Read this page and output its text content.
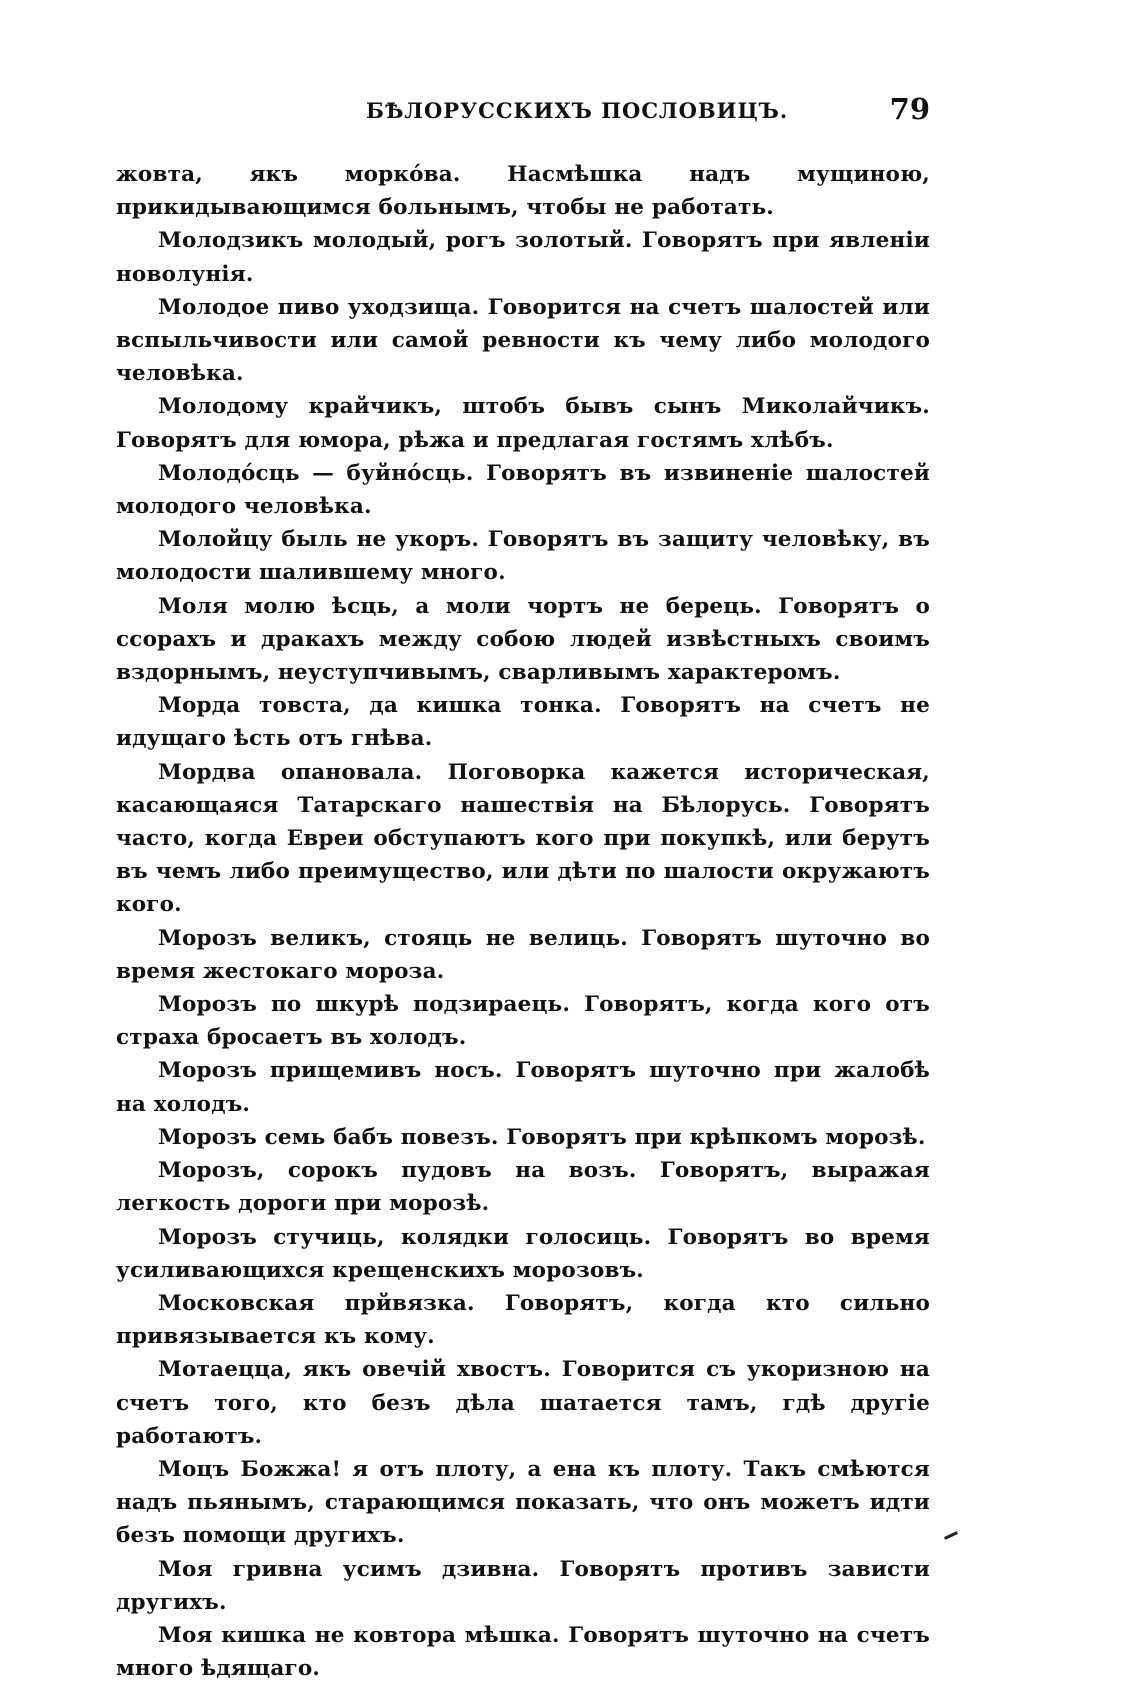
БѢЛОРУССКИХЪ ПОСЛОВИЦЪ.	79

жовта, якъ моркóва. Насмѣшка надъ мущиною, прикидывающимся больнымъ, чтобы не работать.

Молодзикъ молодый, рогъ золотый. Говорятъ при явленiи новолунiя.

Молодое пиво уходзища. Говорится на счетъ шалостей или вспыльчивости или самой ревности къ чему либо молодого человѣка.

Молодому крайчикъ, штобъ бывъ сынъ Миколайчикъ. Говорятъ для юмора, рѣжа и предлагая гостямъ хлѣбъ.

Молодóсць — буйнóсць. Говорятъ въ извиненiе шалостей молодого человѣка.

Молойцу быль не укоръ. Говорятъ въ защиту человѣку, въ молодости шалившему много.

Моля молю ѣсць, а моли чортъ не берець. Говорятъ о ссорахъ и дракахъ между собою людей извѣстныхъ своимъ вздорнымъ, неуступчивымъ, сварливымъ характеромъ.

Морда товста, да кишка тонка. Говорятъ на счетъ не идущаго ѣсть отъ гнѣва.

Мордва опановала. Поговорка кажется историческая, касающаяся Татарскаго нашествiя на Бѣлорусь. Говорятъ часто, когда Евреи обступаютъ кого при покупкѣ, или берутъ въ чемъ либо преимущество, или дѣти по шалости окружаютъ кого.

Морозъ великъ, стояць не велиць. Говорятъ шуточно во время жестокаго мороза.

Морозъ по шкурѣ подзираець. Говорятъ, когда кого отъ страха бросаетъ въ холодъ.

Морозъ прищемивъ носъ. Говорятъ шуточно при жалобѣ на холодъ.

Морозъ семь бабъ повезъ. Говорятъ при крѣпкомъ морозѣ.

Морозъ, сорокъ пудовъ на возъ. Говорятъ, выражая легкость дороги при морозѣ.

Морозъ стучиць, колядки голосиць. Говорятъ во время усиливающихся крещенскихъ морозовъ.

Московская прйвязка. Говорятъ, когда кто сильно привязывается къ кому.

Мотаецца, якъ овечiй хвостъ. Говорится съ укоризною на счетъ того, кто безъ дѣла шатается тамъ, гдѣ другiе работаютъ.

Моцъ Божжа! я отъ плоту, а ена къ плоту. Такъ смѣются надъ пьянымъ, старающимся показать, что онъ можетъ идти безъ помощи другихъ.

Моя гривна усимъ дзивна. Говорятъ противъ зависти другихъ.

Моя кишка не ковтора мѣшка. Говорятъ шуточно на счетъ много ѣдящаго.
